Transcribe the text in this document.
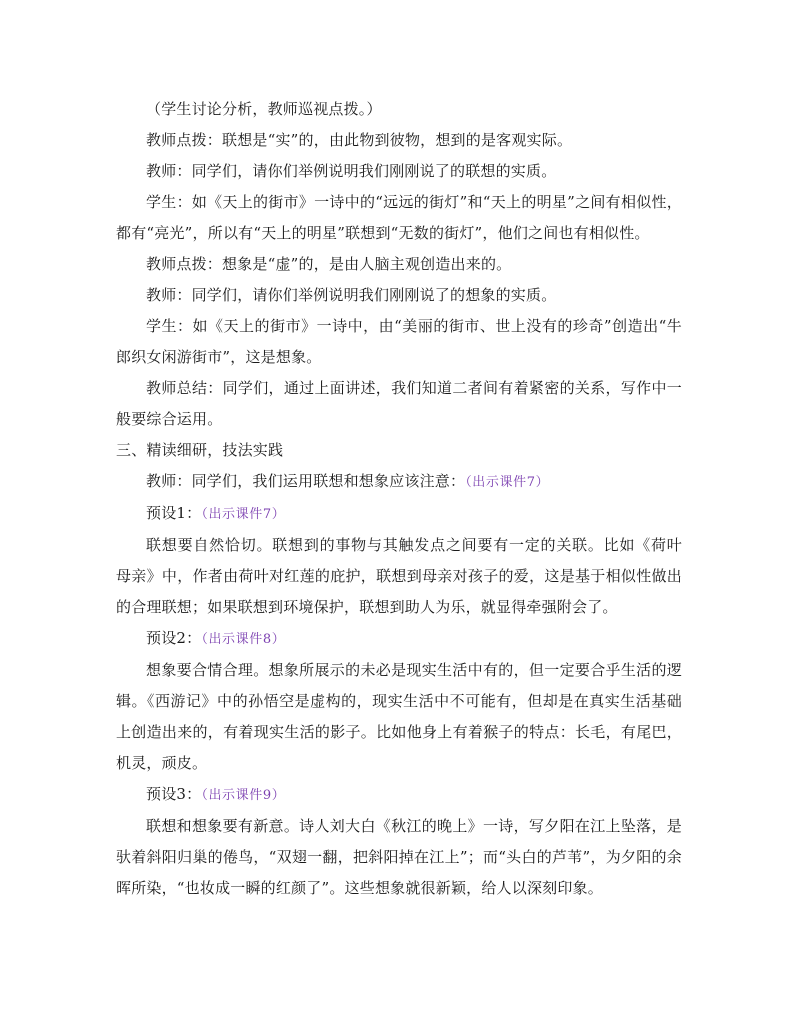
（学生讨论分析，教师巡视点拨。）

教师点拨：联想是“实”的，由此物到彼物，想到的是客观实际。

教师：同学们，请你们举例说明我们刚刚说了的联想的实质。

学生：如《天上的街市》一诗中的“远远的街灯”和“天上的明星”之间有相似性，都有“亮光”，所以有“天上的明星”联想到“无数的街灯”，他们之间也有相似性。

教师点拨：想象是“虚”的，是由人脑主观创造出来的。

教师：同学们，请你们举例说明我们刚刚说了的想象的实质。

学生：如《天上的街市》一诗中，由“美丽的街市、世上没有的珍奇”创造出“牛郎织女闲游街市”，这是想象。

教师总结：同学们，通过上面讲述，我们知道二者间有着紧密的关系，写作中一般要综合运用。

三、精读细研，技法实践

教师：同学们，我们运用联想和想象应该注意：（出示课件7）

预设1：（出示课件7）

联想要自然恰切。联想到的事物与其触发点之间要有一定的关联。比如《荷叶 母亲》中，作者由荷叶对红莲的庇护，联想到母亲对孩子的爱，这是基于相似性做出的合理联想；如果联想到环境保护，联想到助人为乐，就显得牵强附会了。

预设2：（出示课件8）

想象要合情合理。想象所展示的未必是现实生活中有的，但一定要合乎生活的逻辑。《西游记》中的孙悟空是虚构的，现实生活中不可能有，但却是在真实生活基础上创造出来的，有着现实生活的影子。比如他身上有着猴子的特点：长毛，有尾巴，机灵，顽皮。

预设3：（出示课件9）

联想和想象要有新意。诗人刘大白《秋江的晚上》一诗，写夕阳在江上坠落，是驮着斜阳归巢的倦鸟，“双翅一翻，把斜阳掉在江上”；而“头白的芦苇”，为夕阳的余晖所染，“也妆成一瞬的红颜了”。这些想象就很新颖，给人以深刻印象。
